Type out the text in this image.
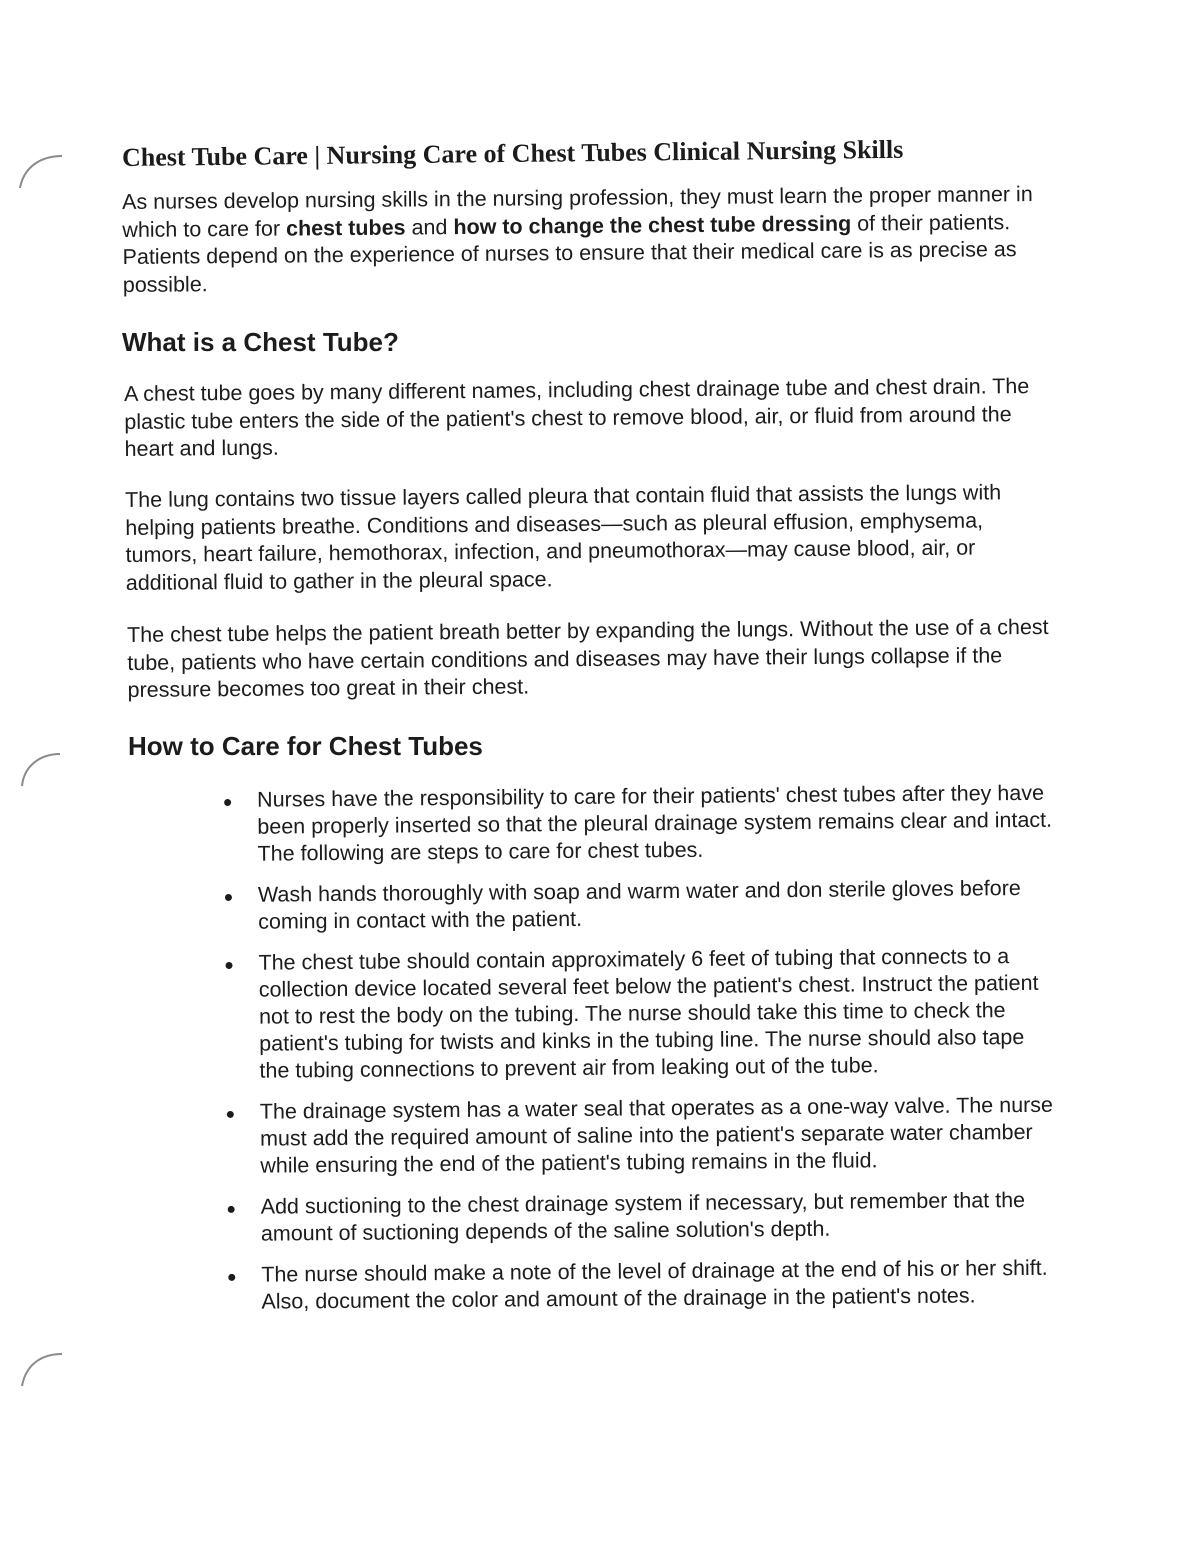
Chest Tube Care | Nursing Care of Chest Tubes Clinical Nursing Skills

As nurses develop nursing skills in the nursing profession, they must learn the proper manner in which to care for chest tubes and how to change the chest tube dressing of their patients. Patients depend on the experience of nurses to ensure that their medical care is as precise as possible.

What is a Chest Tube?

A chest tube goes by many different names, including chest drainage tube and chest drain. The plastic tube enters the side of the patient's chest to remove blood, air, or fluid from around the heart and lungs.

The lung contains two tissue layers called pleura that contain fluid that assists the lungs with helping patients breathe. Conditions and diseases—such as pleural effusion, emphysema, tumors, heart failure, hemothorax, infection, and pneumothorax—may cause blood, air, or additional fluid to gather in the pleural space.

The chest tube helps the patient breath better by expanding the lungs. Without the use of a chest tube, patients who have certain conditions and diseases may have their lungs collapse if the pressure becomes too great in their chest.

How to Care for Chest Tubes
Nurses have the responsibility to care for their patients' chest tubes after they have been properly inserted so that the pleural drainage system remains clear and intact. The following are steps to care for chest tubes.
Wash hands thoroughly with soap and warm water and don sterile gloves before coming in contact with the patient.
The chest tube should contain approximately 6 feet of tubing that connects to a collection device located several feet below the patient's chest. Instruct the patient not to rest the body on the tubing. The nurse should take this time to check the patient's tubing for twists and kinks in the tubing line. The nurse should also tape the tubing connections to prevent air from leaking out of the tube.
The drainage system has a water seal that operates as a one-way valve. The nurse must add the required amount of saline into the patient's separate water chamber while ensuring the end of the patient's tubing remains in the fluid.
Add suctioning to the chest drainage system if necessary, but remember that the amount of suctioning depends of the saline solution's depth.
The nurse should make a note of the level of drainage at the end of his or her shift. Also, document the color and amount of the drainage in the patient's notes.
